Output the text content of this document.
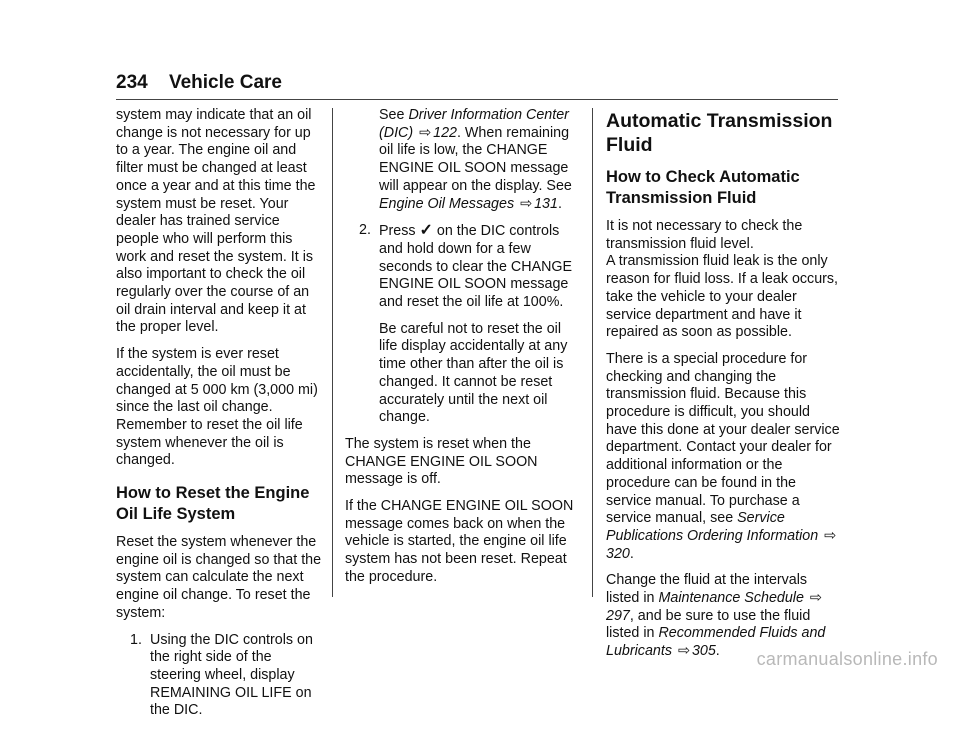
234 Vehicle Care

system may indicate that an oil change is not necessary for up to a year. The engine oil and filter must be changed at least once a year and at this time the system must be reset. Your dealer has trained service people who will perform this work and reset the system. It is also important to check the oil regularly over the course of an oil drain interval and keep it at the proper level.

If the system is ever reset accidentally, the oil must be changed at 5 000 km (3,000 mi) since the last oil change. Remember to reset the oil life system whenever the oil is changed.

How to Reset the Engine Oil Life System

Reset the system whenever the engine oil is changed so that the system can calculate the next engine oil change. To reset the system:

1. Using the DIC controls on the right side of the steering wheel, display REMAINING OIL LIFE on the DIC.

See Driver Information Center (DIC) ⇨ 122. When remaining oil life is low, the CHANGE ENGINE OIL SOON message will appear on the display. See Engine Oil Messages ⇨ 131.

2. Press ✓ on the DIC controls and hold down for a few seconds to clear the CHANGE ENGINE OIL SOON message and reset the oil life at 100%.

Be careful not to reset the oil life display accidentally at any time other than after the oil is changed. It cannot be reset accurately until the next oil change.

The system is reset when the CHANGE ENGINE OIL SOON message is off.

If the CHANGE ENGINE OIL SOON message comes back on when the vehicle is started, the engine oil life system has not been reset. Repeat the procedure.

Automatic Transmission Fluid
How to Check Automatic Transmission Fluid

It is not necessary to check the transmission fluid level.

A transmission fluid leak is the only reason for fluid loss. If a leak occurs, take the vehicle to your dealer service department and have it repaired as soon as possible.

There is a special procedure for checking and changing the transmission fluid. Because this procedure is difficult, you should have this done at your dealer service department. Contact your dealer for additional information or the procedure can be found in the service manual. To purchase a service manual, see Service Publications Ordering Information ⇨320.

Change the fluid at the intervals listed in Maintenance Schedule ⇨297, and be sure to use the fluid listed in Recommended Fluids and Lubricants ⇨ 305.	carmanualsonline.info
